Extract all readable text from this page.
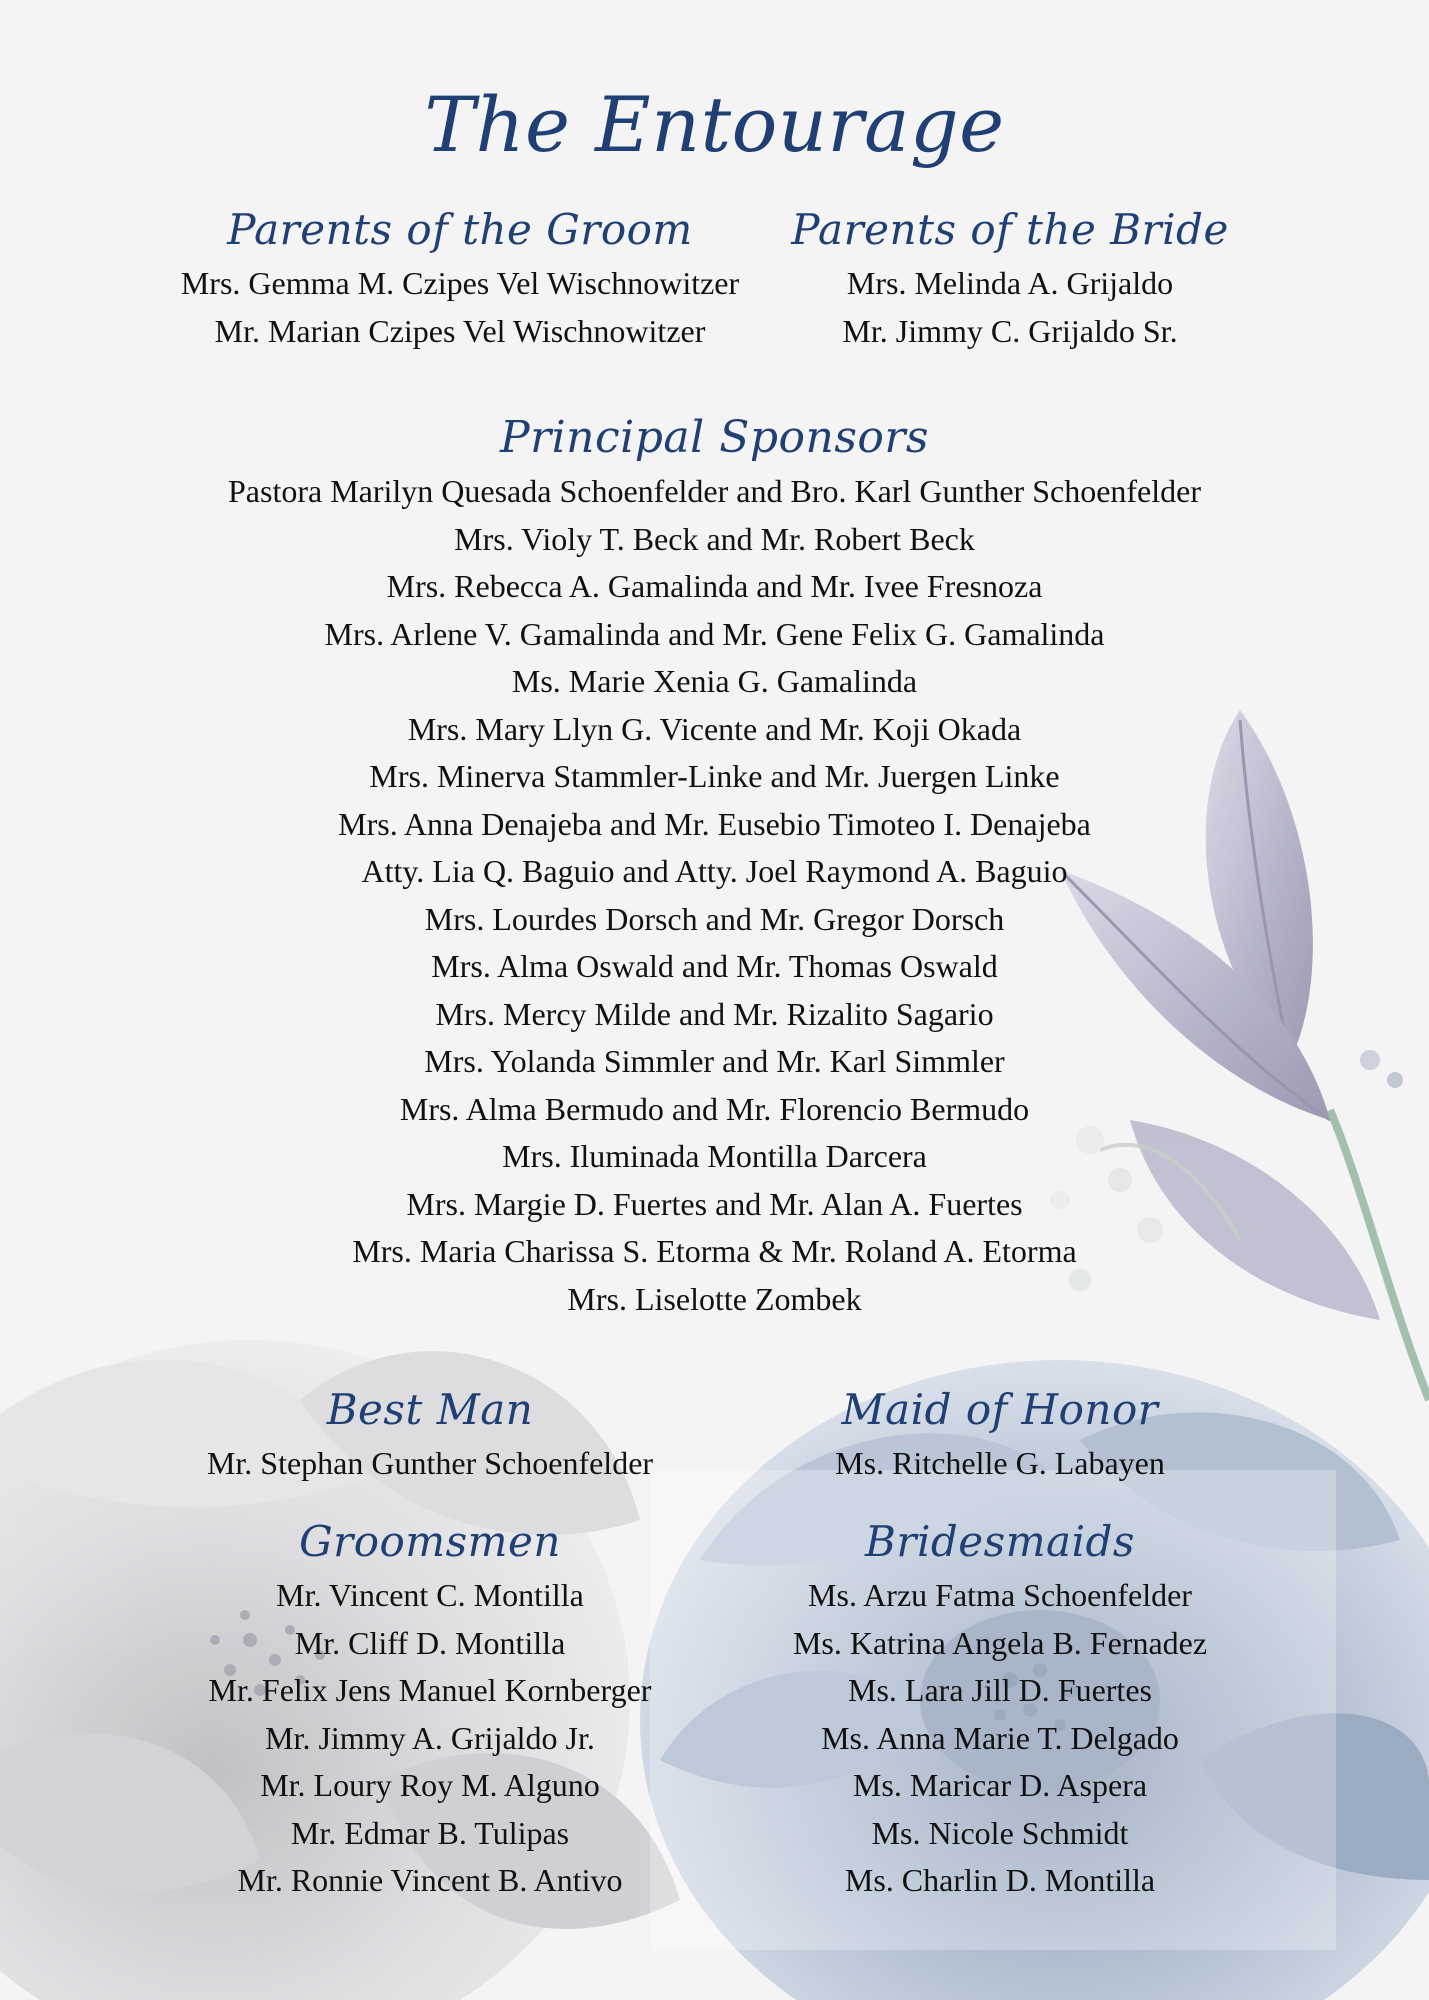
The Entourage
Parents of the Groom
Mrs. Gemma M. Czipes Vel Wischnowitzer
Mr. Marian Czipes Vel Wischnowitzer
Parents of the Bride
Mrs. Melinda A. Grijaldo
Mr. Jimmy C. Grijaldo Sr.
Principal Sponsors
Pastora Marilyn Quesada Schoenfelder and Bro. Karl Gunther Schoenfelder
Mrs. Violy T. Beck and Mr. Robert Beck
Mrs. Rebecca A. Gamalinda and Mr. Ivee Fresnoza
Mrs. Arlene V. Gamalinda and Mr. Gene Felix G. Gamalinda
Ms. Marie Xenia G. Gamalinda
Mrs. Mary Llyn G. Vicente and Mr. Koji Okada
Mrs. Minerva Stammler-Linke and Mr. Juergen Linke
Mrs. Anna Denajeba and Mr. Eusebio Timoteo I. Denajeba
Atty. Lia Q. Baguio and Atty. Joel Raymond A. Baguio
Mrs. Lourdes Dorsch and Mr. Gregor Dorsch
Mrs. Alma Oswald and Mr. Thomas Oswald
Mrs. Mercy Milde and Mr. Rizalito Sagario
Mrs. Yolanda Simmler and Mr. Karl Simmler
Mrs. Alma Bermudo and Mr. Florencio Bermudo
Mrs. Iluminada Montilla Darcera
Mrs. Margie D. Fuertes and Mr. Alan A. Fuertes
Mrs. Maria Charissa S. Etorma & Mr. Roland A. Etorma
Mrs. Liselotte Zombek
Best Man
Mr. Stephan Gunther Schoenfelder
Maid of Honor
Ms. Ritchelle G. Labayen
Groomsmen
Mr. Vincent C. Montilla
Mr. Cliff D. Montilla
Mr. Felix Jens Manuel Kornberger
Mr. Jimmy A. Grijaldo Jr.
Mr. Loury Roy M. Alguno
Mr. Edmar B. Tulipas
Mr. Ronnie Vincent B. Antivo
Bridesmaids
Ms. Arzu Fatma Schoenfelder
Ms. Katrina Angela B. Fernadez
Ms. Lara Jill D. Fuertes
Ms. Anna Marie T. Delgado
Ms. Maricar D. Aspera
Ms. Nicole Schmidt
Ms. Charlin D. Montilla
